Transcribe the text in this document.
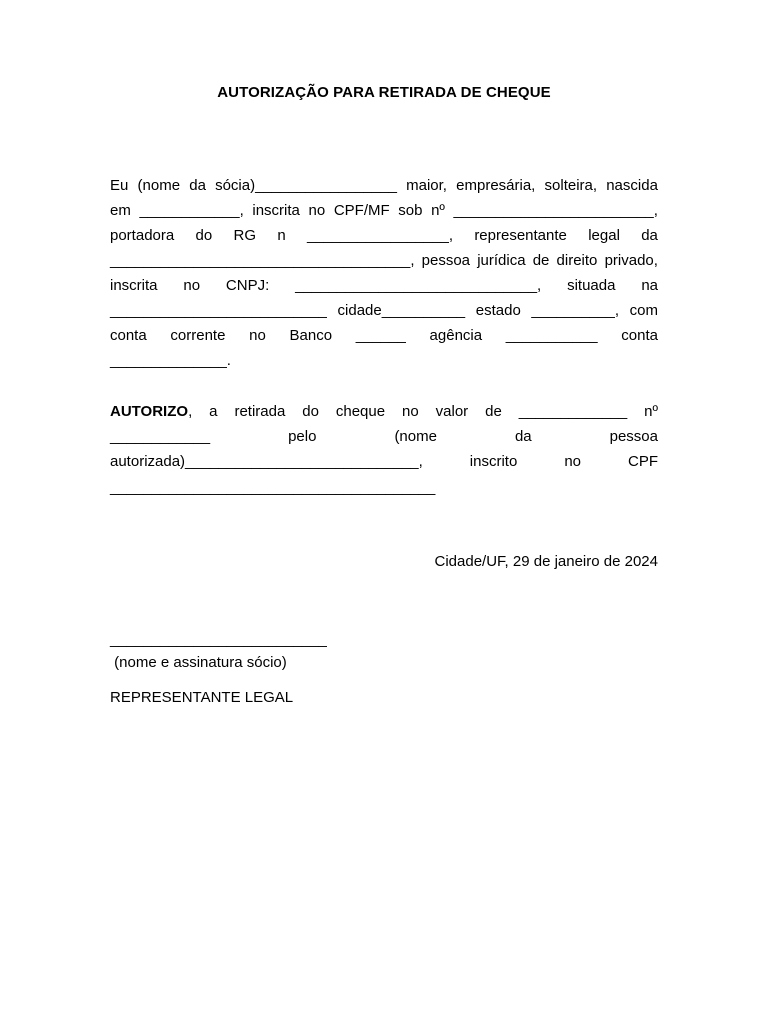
AUTORIZAÇÃO PARA RETIRADA DE CHEQUE
Eu (nome da sócia)_________________ maior, empresária, solteira, nascida
em ____________, inscrita no CPF/MF sob nº ________________________,
portadora do RG n _________________, representante legal da
____________________________________, pessoa jurídica de direito privado,
inscrita no CNPJ: _____________________________, situada na
__________________________ cidade__________ estado __________, com
conta corrente no Banco ______ agência ___________ conta
______________.
AUTORIZO, a retirada do cheque no valor de _____________ nº
____________	pelo	(nome	da	pessoa
autorizada)____________________________,	inscrito	no	CPF
_______________________________________
Cidade/UF, 29 de janeiro de 2024
__________________________
(nome e assinatura sócio)
REPRESENTANTE LEGAL
